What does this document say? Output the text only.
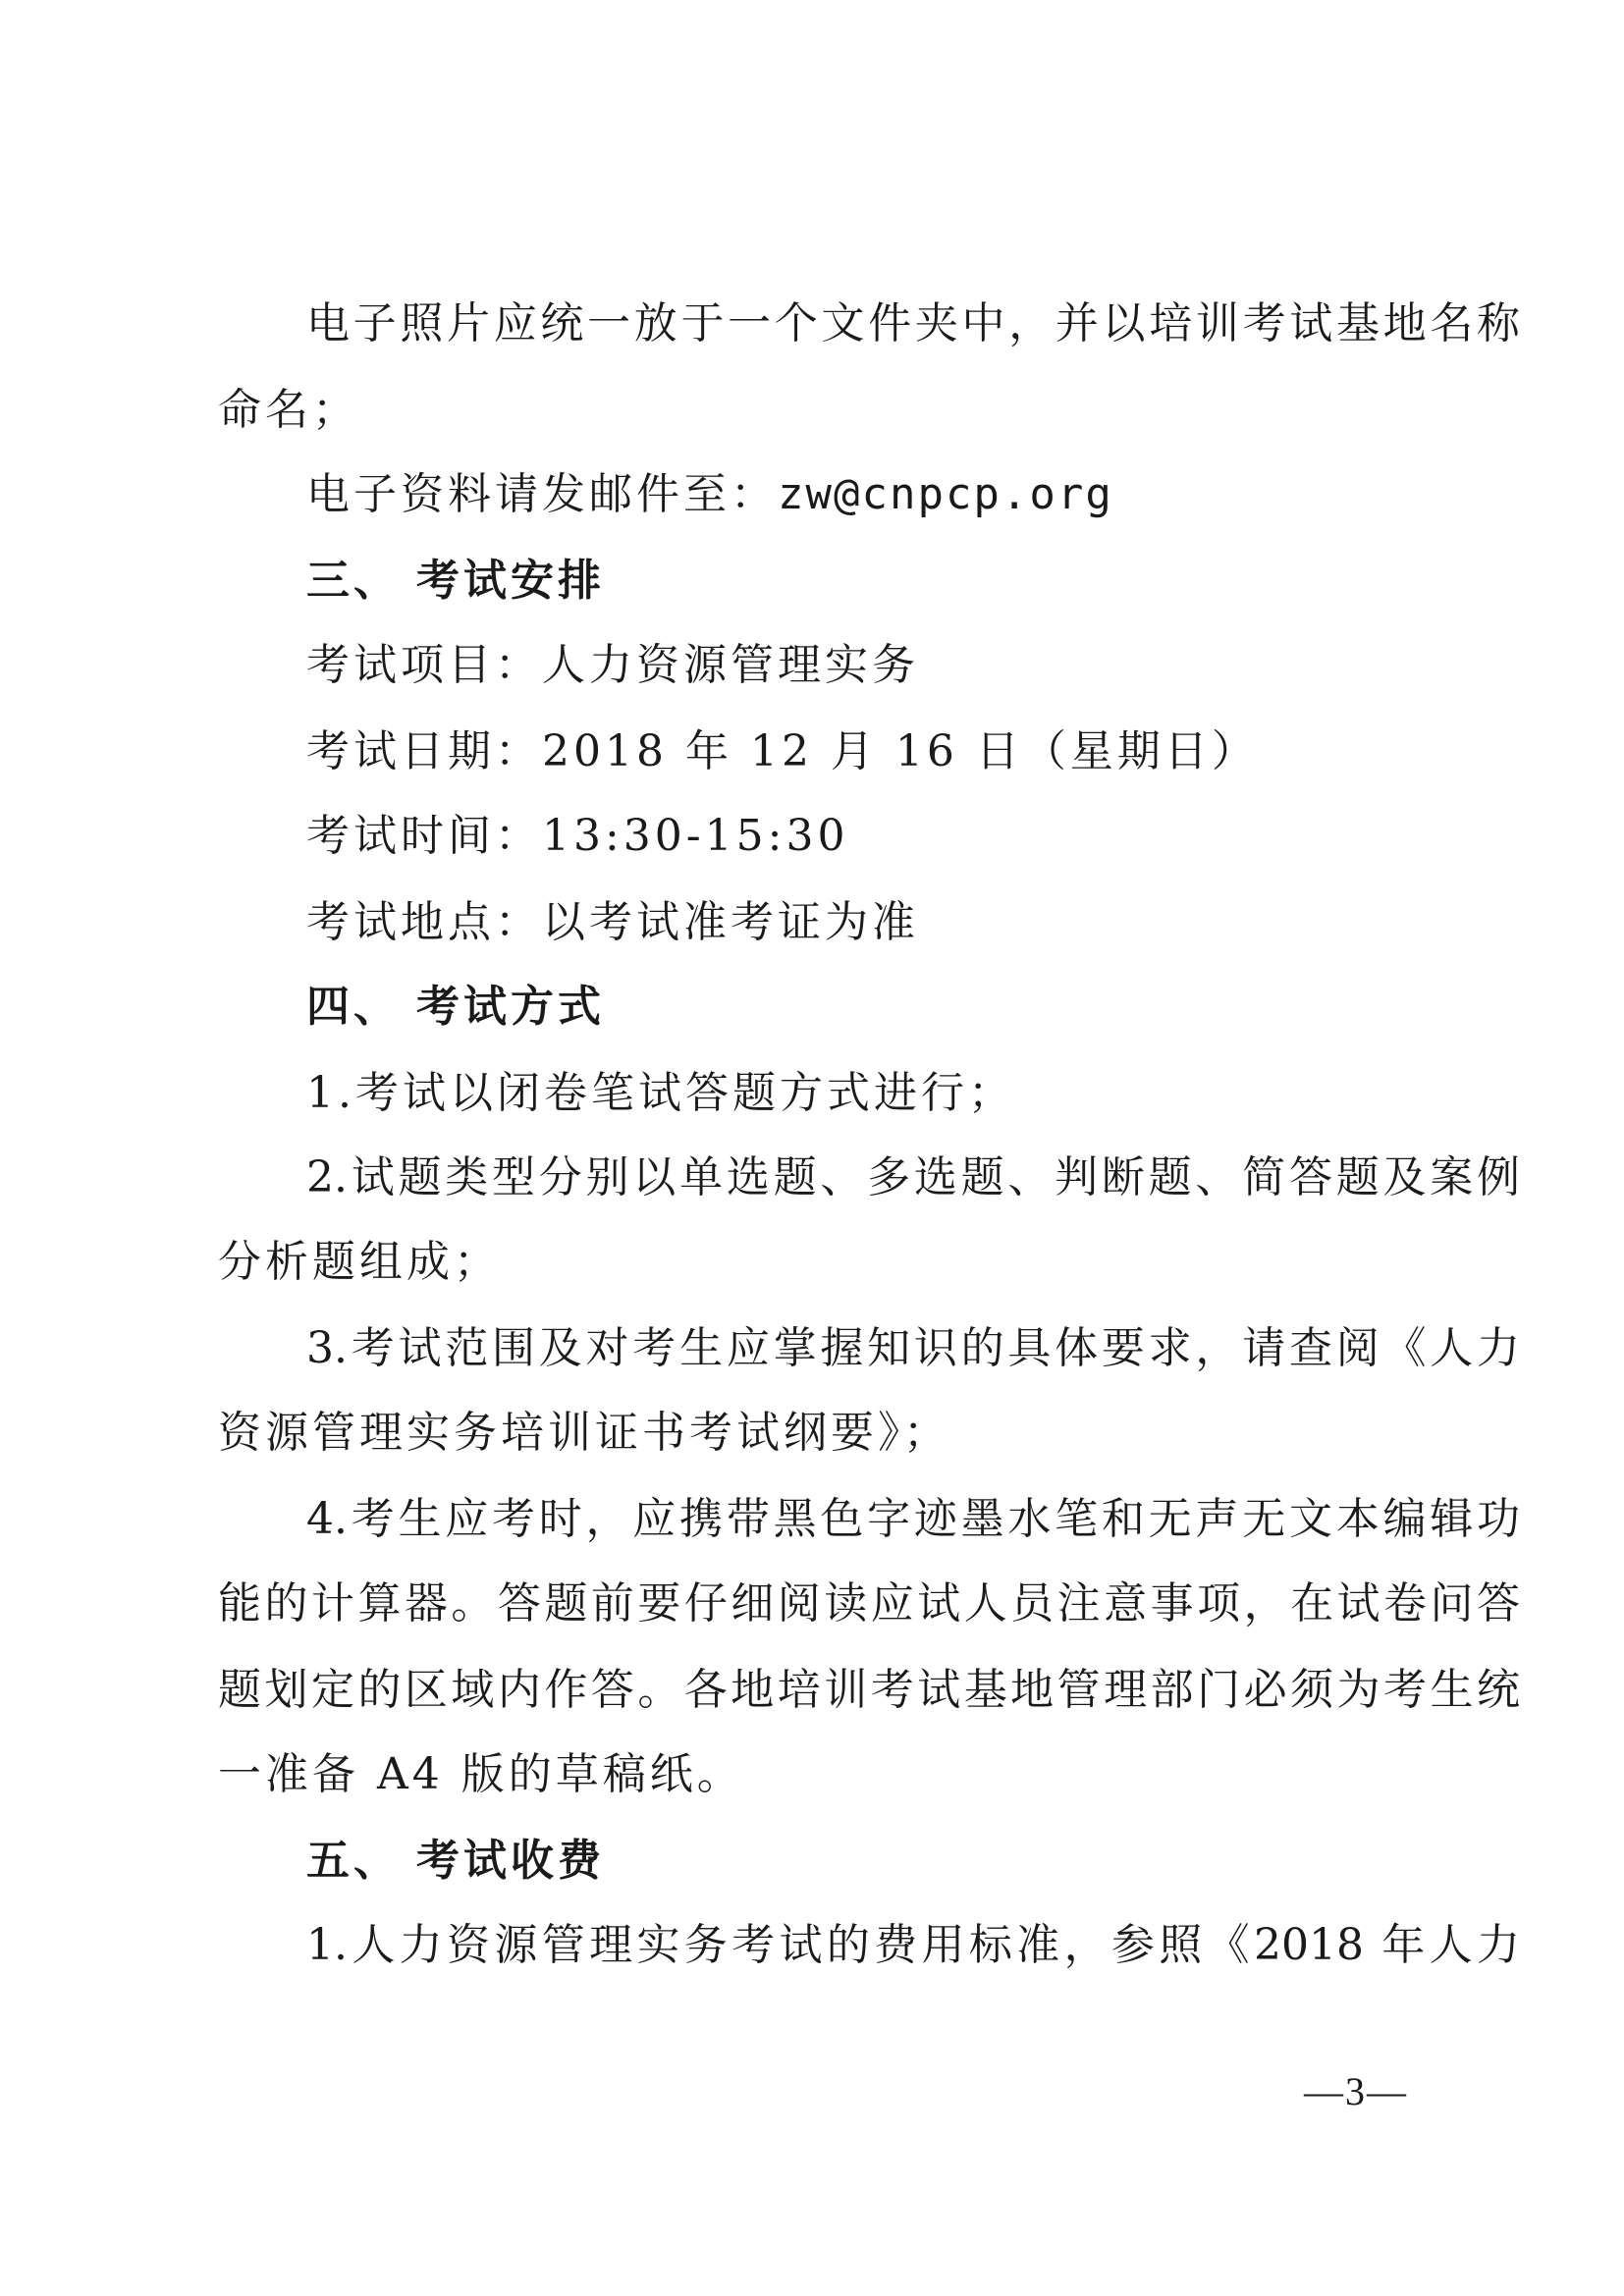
电子照片应统一放于一个文件夹中，并以培训考试基地名称
命名；
电子资料请发邮件至：zw@cnpcp.org
三、 考试安排
考试项目：人力资源管理实务
考试日期：2018 年 12 月 16 日（星期日）
考试时间：13:30-15:30
考试地点：以考试准考证为准
四、 考试方式
1.考试以闭卷笔试答题方式进行；
2.试题类型分别以单选题、多选题、判断题、简答题及案例
分析题组成；
3.考试范围及对考生应掌握知识的具体要求，请查阅《人力
资源管理实务培训证书考试纲要》；
4.考生应考时，应携带黑色字迹墨水笔和无声无文本编辑功
能的计算器。答题前要仔细阅读应试人员注意事项，在试卷问答
题划定的区域内作答。各地培训考试基地管理部门必须为考生统
一准备 A4 版的草稿纸。
五、 考试收费
1.人力资源管理实务考试的费用标准，参照《2018 年人力
—3—
